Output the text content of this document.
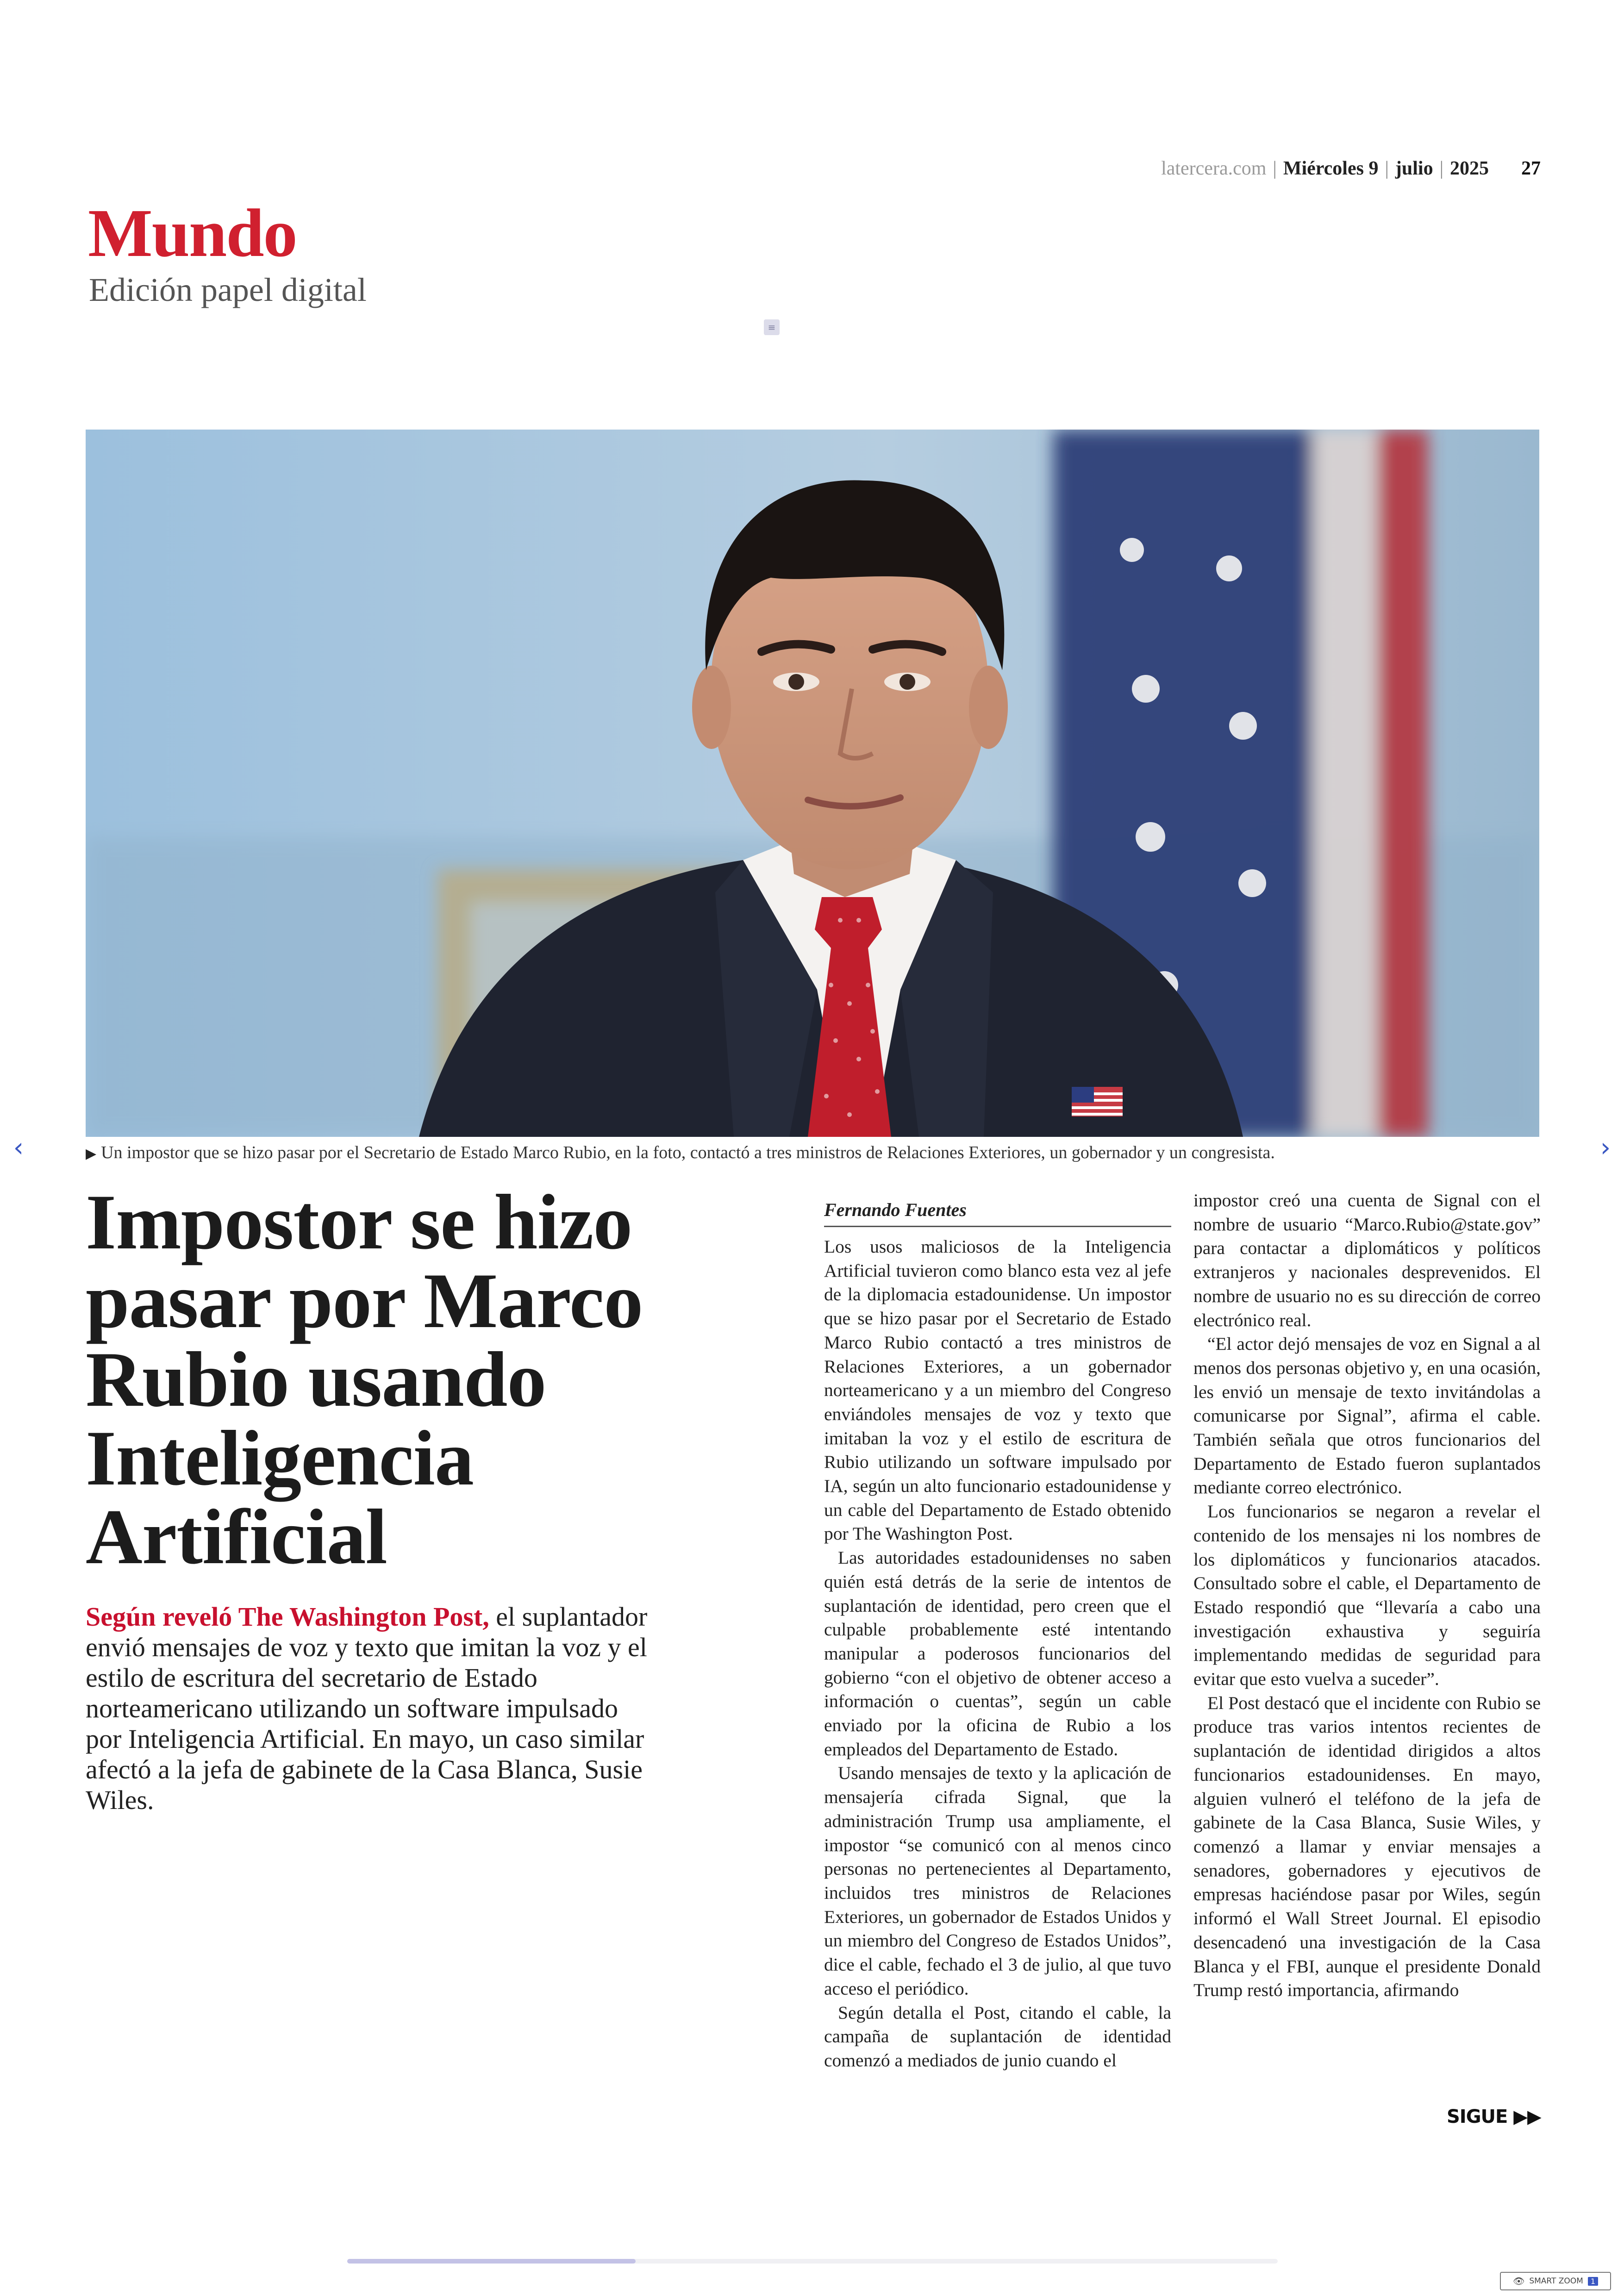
latercera.com | Miércoles 9 | julio | 2025 27
Mundo
Edición papel digital
≡
▶ Un impostor que se hizo pasar por el Secretario de Estado Marco Rubio, en la foto, contactó a tres ministros de Relaciones Exteriores, un gobernador y un congresista.
‹	›
Impostor se hizo
pasar por Marco
Rubio usando
Inteligencia
Artificial

Según reveló The Washington Post, el suplantador envió mensajes de voz y texto que imitan la voz y el estilo de escritura del secretario de Estado norteamericano utilizando un software impulsado por Inteligencia Artificial. En mayo, un caso similar afectó a la jefa de gabinete de la Casa Blanca, Susie Wiles.

Fernando Fuentes

Los usos maliciosos de la Inteligencia Artificial tuvieron como blanco esta vez al jefe de la diplomacia estadounidense. Un impostor que se hizo pasar por el Secretario de Estado Marco Rubio contactó a tres ministros de Relaciones Exteriores, a un gobernador norteamericano y a un miembro del Congreso enviándoles mensajes de voz y texto que imitaban la voz y el estilo de escritura de Rubio utilizando un software impulsado por IA, según un alto funcionario estadounidense y un cable del Departamento de Estado obtenido por The Washington Post.

Las autoridades estadounidenses no saben quién está detrás de la serie de intentos de suplantación de identidad, pero creen que el culpable probablemente esté intentando manipular a poderosos funcionarios del gobierno “con el objetivo de obtener acceso a información o cuentas”, según un cable enviado por la oficina de Rubio a los empleados del Departamento de Estado.

Usando mensajes de texto y la aplicación de mensajería cifrada Signal, que la administración Trump usa ampliamente, el impostor “se comunicó con al menos cinco personas no pertenecientes al Departamento, incluidos tres ministros de Relaciones Exteriores, un gobernador de Estados Unidos y un miembro del Congreso de Estados Unidos”, dice el cable, fechado el 3 de julio, al que tuvo acceso el periódico.

Según detalla el Post, citando el cable, la campaña de suplantación de identidad comenzó a mediados de junio cuando el

impostor creó una cuenta de Signal con el nombre de usuario “Marco.Rubio@state.gov” para contactar a diplomáticos y políticos extranjeros y nacionales desprevenidos. El nombre de usuario no es su dirección de correo electrónico real.

“El actor dejó mensajes de voz en Signal a al menos dos personas objetivo y, en una ocasión, les envió un mensaje de texto invitándolas a comunicarse por Signal”, afirma el cable. También señala que otros funcionarios del Departamento de Estado fueron suplantados mediante correo electrónico.

Los funcionarios se negaron a revelar el contenido de los mensajes ni los nombres de los diplomáticos y funcionarios atacados. Consultado sobre el cable, el Departamento de Estado respondió que “llevaría a cabo una investigación exhaustiva y seguiría implementando medidas de seguridad para evitar que esto vuelva a suceder”.

El Post destacó que el incidente con Rubio se produce tras varios intentos recientes de suplantación de identidad dirigidos a altos funcionarios estadounidenses. En mayo, alguien vulneró el teléfono de la jefa de gabinete de la Casa Blanca, Susie Wiles, y comenzó a llamar y enviar mensajes a senadores, gobernadores y ejecutivos de empresas haciéndose pasar por Wiles, según informó el Wall Street Journal. El episodio desencadenó una investigación de la Casa Blanca y el FBI, aunque el presidente Donald Trump restó importancia, afirmando

SIGUE ▶▶
👁 SMART ZOOM	1
